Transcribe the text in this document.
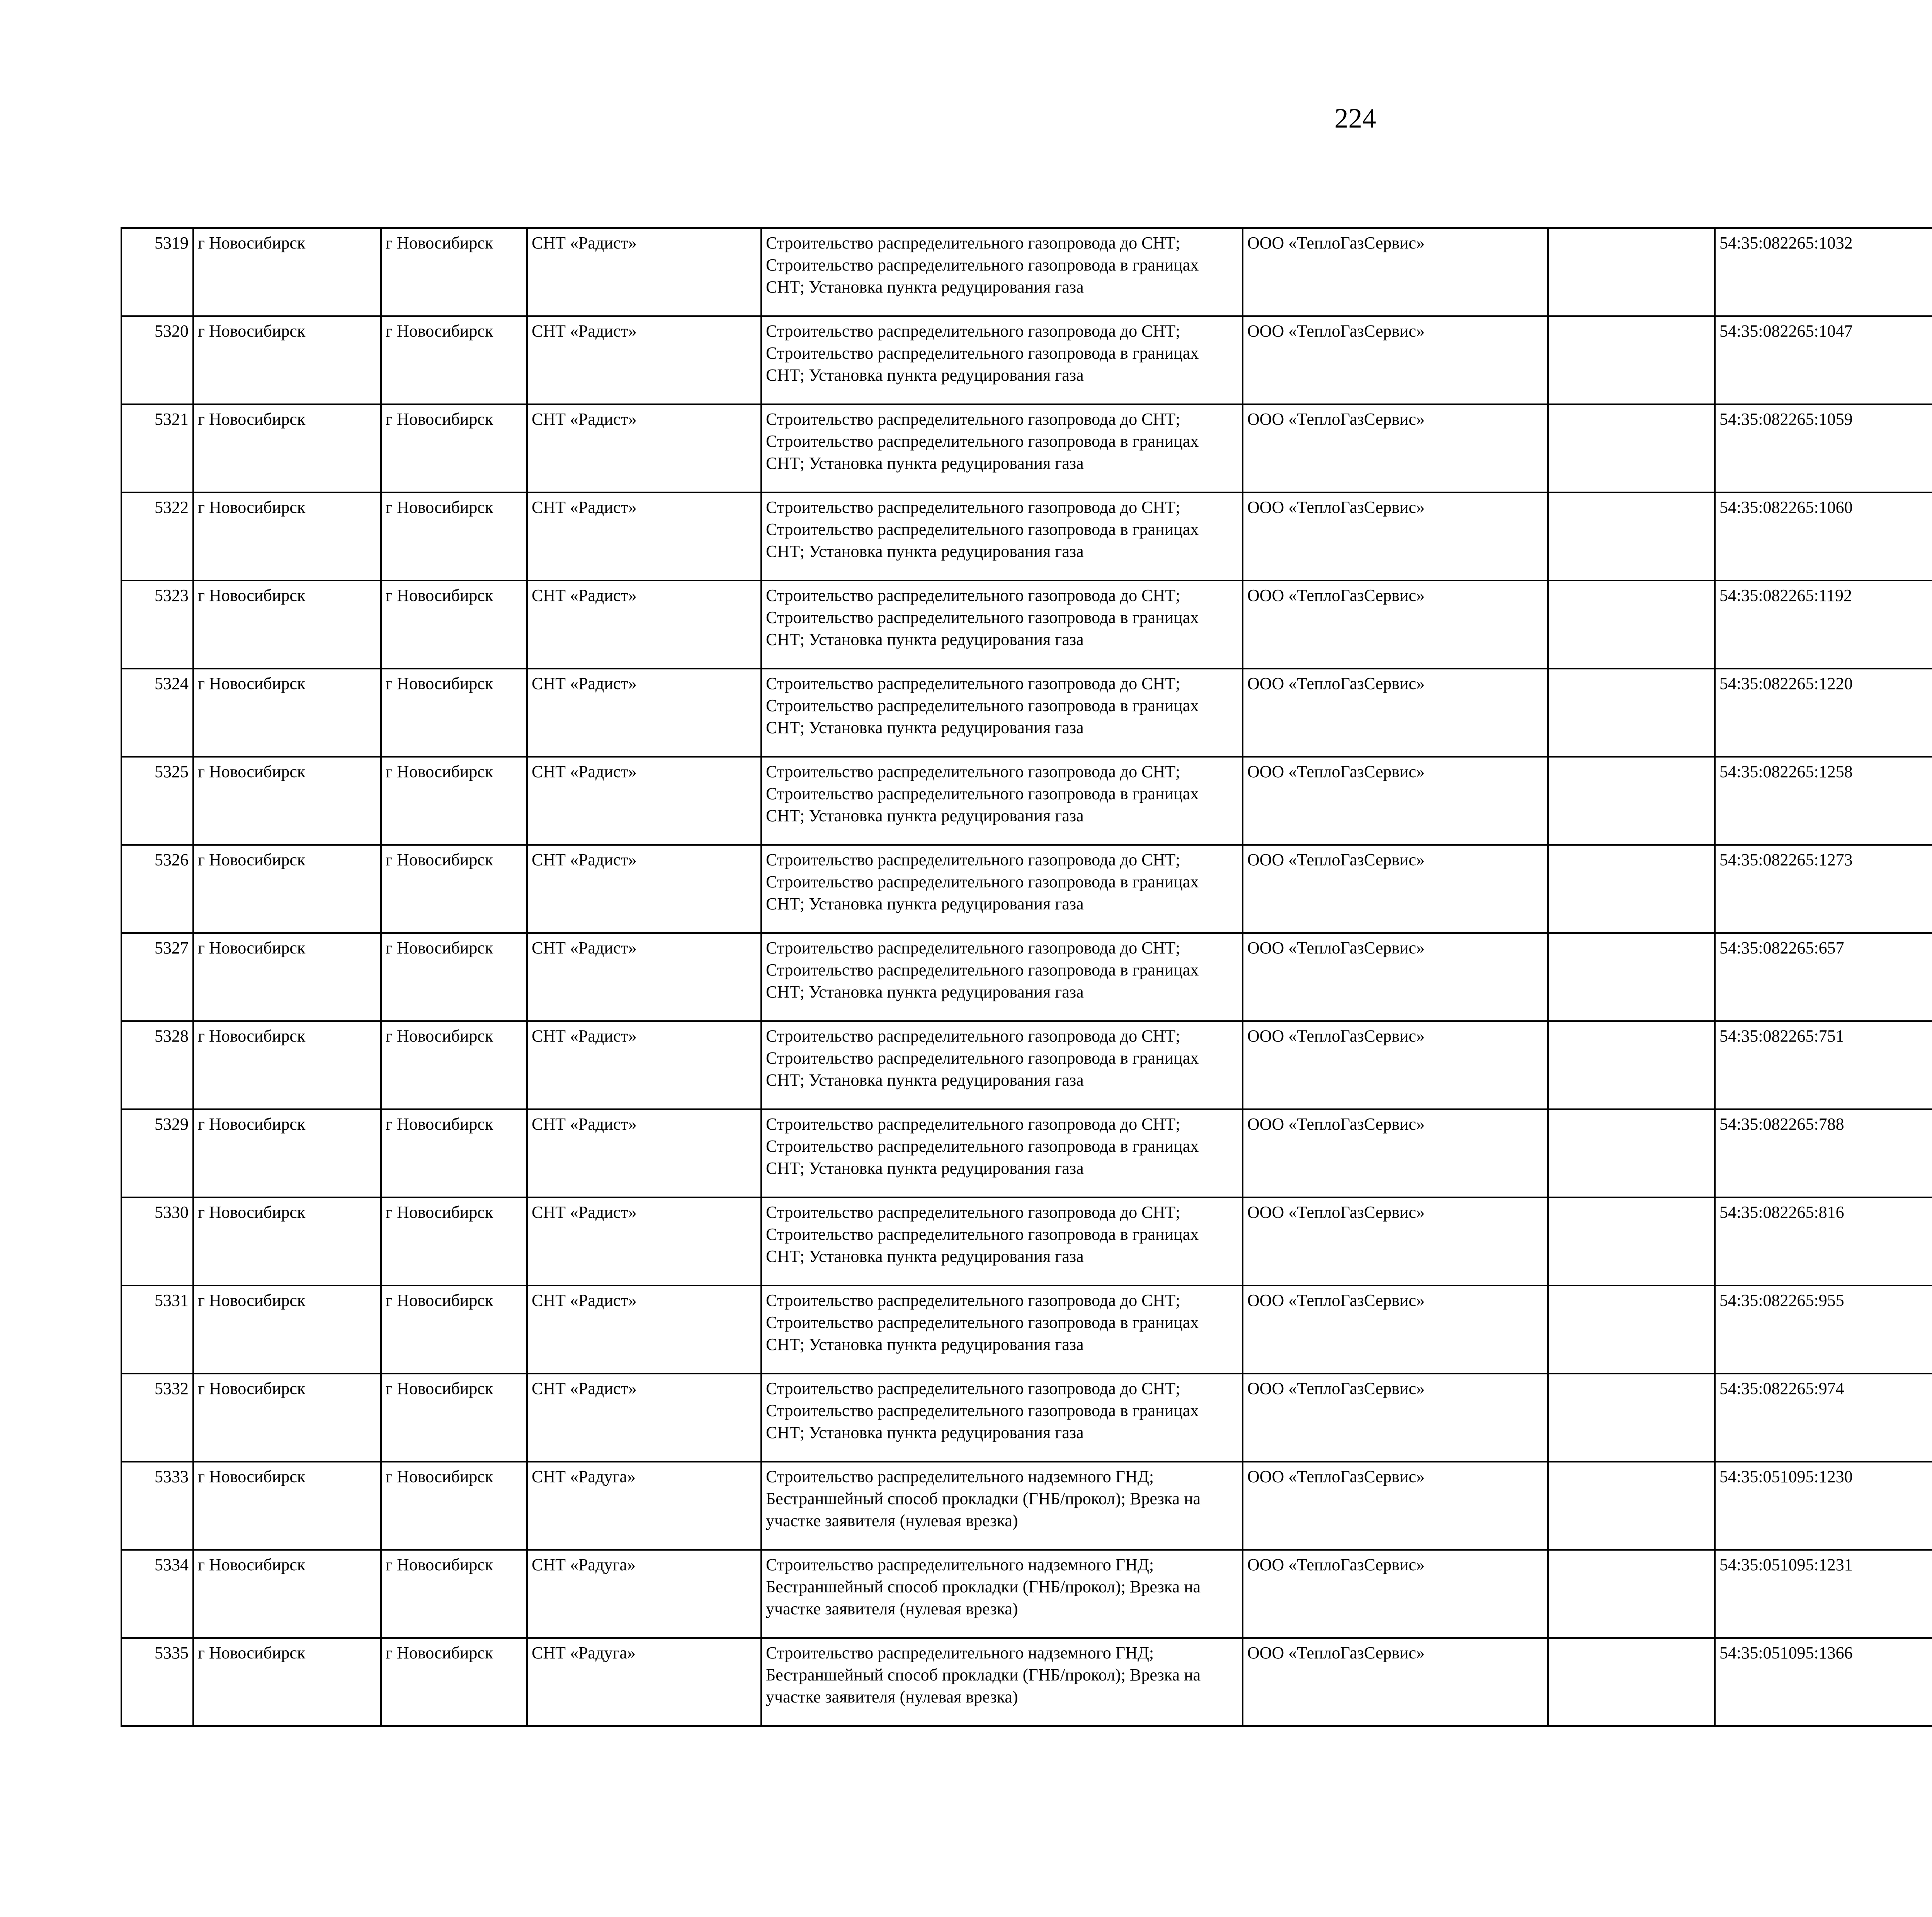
224
5319	г Новосибирск	г Новосибирск	СНТ «Радист»	Строительство распределительного газопровода до СНТ; Строительство распределительного газопровода в границах СНТ; Установка пункта редуцирования газа	ООО «ТеплоГазСервис»		54:35:082265:1032					
5320	г Новосибирск	г Новосибирск	СНТ «Радист»	Строительство распределительного газопровода до СНТ; Строительство распределительного газопровода в границах СНТ; Установка пункта редуцирования газа	ООО «ТеплоГазСервис»		54:35:082265:1047					
5321	г Новосибирск	г Новосибирск	СНТ «Радист»	Строительство распределительного газопровода до СНТ; Строительство распределительного газопровода в границах СНТ; Установка пункта редуцирования газа	ООО «ТеплоГазСервис»		54:35:082265:1059					
5322	г Новосибирск	г Новосибирск	СНТ «Радист»	Строительство распределительного газопровода до СНТ; Строительство распределительного газопровода в границах СНТ; Установка пункта редуцирования газа	ООО «ТеплоГазСервис»		54:35:082265:1060					
5323	г Новосибирск	г Новосибирск	СНТ «Радист»	Строительство распределительного газопровода до СНТ; Строительство распределительного газопровода в границах СНТ; Установка пункта редуцирования газа	ООО «ТеплоГазСервис»		54:35:082265:1192					
5324	г Новосибирск	г Новосибирск	СНТ «Радист»	Строительство распределительного газопровода до СНТ; Строительство распределительного газопровода в границах СНТ; Установка пункта редуцирования газа	ООО «ТеплоГазСервис»		54:35:082265:1220					
5325	г Новосибирск	г Новосибирск	СНТ «Радист»	Строительство распределительного газопровода до СНТ; Строительство распределительного газопровода в границах СНТ; Установка пункта редуцирования газа	ООО «ТеплоГазСервис»		54:35:082265:1258					
5326	г Новосибирск	г Новосибирск	СНТ «Радист»	Строительство распределительного газопровода до СНТ; Строительство распределительного газопровода в границах СНТ; Установка пункта редуцирования газа	ООО «ТеплоГазСервис»		54:35:082265:1273					
5327	г Новосибирск	г Новосибирск	СНТ «Радист»	Строительство распределительного газопровода до СНТ; Строительство распределительного газопровода в границах СНТ; Установка пункта редуцирования газа	ООО «ТеплоГазСервис»		54:35:082265:657					
5328	г Новосибирск	г Новосибирск	СНТ «Радист»	Строительство распределительного газопровода до СНТ; Строительство распределительного газопровода в границах СНТ; Установка пункта редуцирования газа	ООО «ТеплоГазСервис»		54:35:082265:751					
5329	г Новосибирск	г Новосибирск	СНТ «Радист»	Строительство распределительного газопровода до СНТ; Строительство распределительного газопровода в границах СНТ; Установка пункта редуцирования газа	ООО «ТеплоГазСервис»		54:35:082265:788					
5330	г Новосибирск	г Новосибирск	СНТ «Радист»	Строительство распределительного газопровода до СНТ; Строительство распределительного газопровода в границах СНТ; Установка пункта редуцирования газа	ООО «ТеплоГазСервис»		54:35:082265:816					
5331	г Новосибирск	г Новосибирск	СНТ «Радист»	Строительство распределительного газопровода до СНТ; Строительство распределительного газопровода в границах СНТ; Установка пункта редуцирования газа	ООО «ТеплоГазСервис»		54:35:082265:955					
5332	г Новосибирск	г Новосибирск	СНТ «Радист»	Строительство распределительного газопровода до СНТ; Строительство распределительного газопровода в границах СНТ; Установка пункта редуцирования газа	ООО «ТеплоГазСервис»		54:35:082265:974					
5333	г Новосибирск	г Новосибирск	СНТ «Радуга»	Строительство распределительного надземного ГНД; Бестраншейный способ прокладки (ГНБ/прокол); Врезка на участке заявителя (нулевая врезка)	ООО «ТеплоГазСервис»		54:35:051095:1230					
5334	г Новосибирск	г Новосибирск	СНТ «Радуга»	Строительство распределительного надземного ГНД; Бестраншейный способ прокладки (ГНБ/прокол); Врезка на участке заявителя (нулевая врезка)	ООО «ТеплоГазСервис»		54:35:051095:1231					
5335	г Новосибирск	г Новосибирск	СНТ «Радуга»	Строительство распределительного надземного ГНД; Бестраншейный способ прокладки (ГНБ/прокол); Врезка на участке заявителя (нулевая врезка)	ООО «ТеплоГазСервис»		54:35:051095:1366					
